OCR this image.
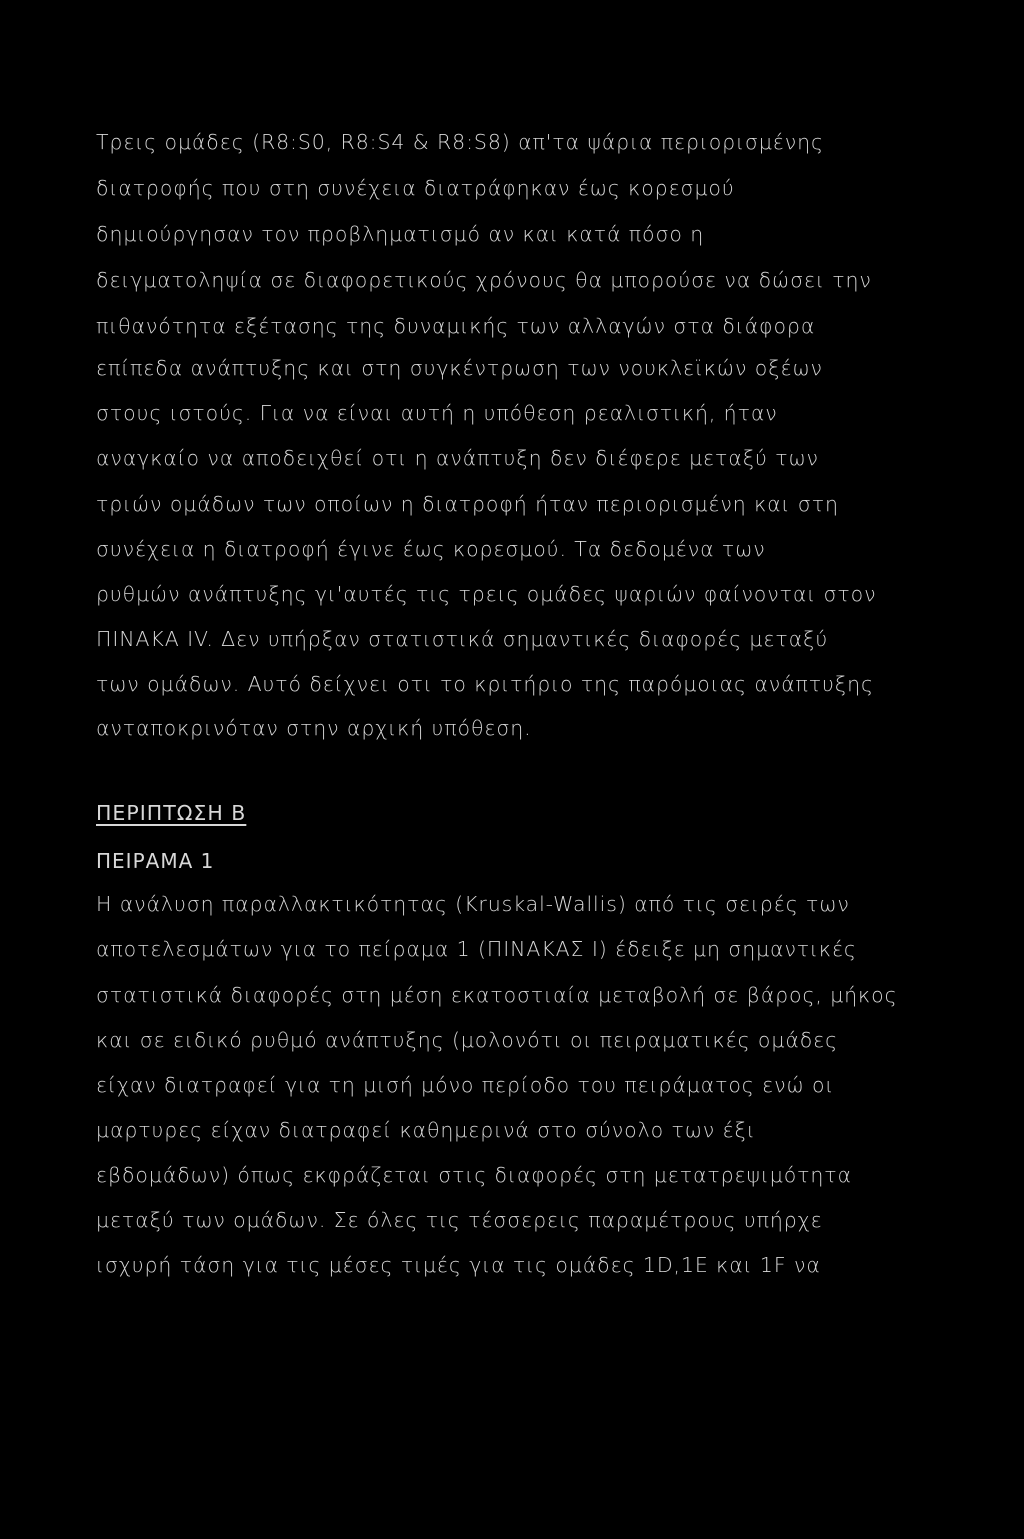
Τρεις ομάδες (R8:S0, R8:S4 & R8:S8) απ'τα ψάρια περιορισμένης
διατροφής που στη συνέχεια διατράφηκαν έως κορεσμού
δημιούργησαν τον προβληματισμό αν και κατά πόσο η
δειγματοληψία σε διαφορετικούς χρόνους θα μπορούσε να δώσει την
πιθανότητα εξέτασης της δυναμικής των αλλαγών στα διάφορα
επίπεδα ανάπτυξης και στη συγκέντρωση των νουκλεϊκών οξέων
στους ιστούς. Για να είναι αυτή η υπόθεση ρεαλιστική, ήταν
αναγκαίο να αποδειχθεί οτι η ανάπτυξη δεν διέφερε μεταξύ των
τριών ομάδων των οποίων η διατροφή ήταν περιορισμένη και στη
συνέχεια η διατροφή έγινε έως κορεσμού. Τα δεδομένα των
ρυθμών ανάπτυξης γι'αυτές τις τρεις ομάδες ψαριών φαίνονται στον
ΠΙΝΑΚΑ IV. Δεν υπήρξαν στατιστικά σημαντικές διαφορές μεταξύ
των ομάδων. Αυτό δείχνει οτι το κριτήριο της παρόμοιας ανάπτυξης
ανταποκρινόταν στην αρχική υπόθεση.
ΠΕΡΙΠΤΩΣΗ Β
ΠΕΙΡΑΜΑ 1
Η ανάλυση παραλλακτικότητας (Kruskal-Wallis) από τις σειρές των
αποτελεσμάτων για το πείραμα 1 (ΠΙΝΑΚΑΣ I) έδειξε μη σημαντικές
στατιστικά διαφορές στη μέση εκατοστιαία μεταβολή σε βάρος, μήκος
και σε ειδικό ρυθμό ανάπτυξης (μολονότι οι πειραματικές ομάδες
είχαν διατραφεί για τη μισή μόνο περίοδο του πειράματος ενώ οι
μαρτυρες είχαν διατραφεί καθημερινά στο σύνολο των έξι
εβδομάδων) όπως εκφράζεται στις διαφορές στη μετατρεψιμότητα
μεταξύ των ομάδων. Σε όλες τις τέσσερεις παραμέτρους υπήρχε
ισχυρή τάση για τις μέσες τιμές για τις ομάδες 1D,1E και 1F να
